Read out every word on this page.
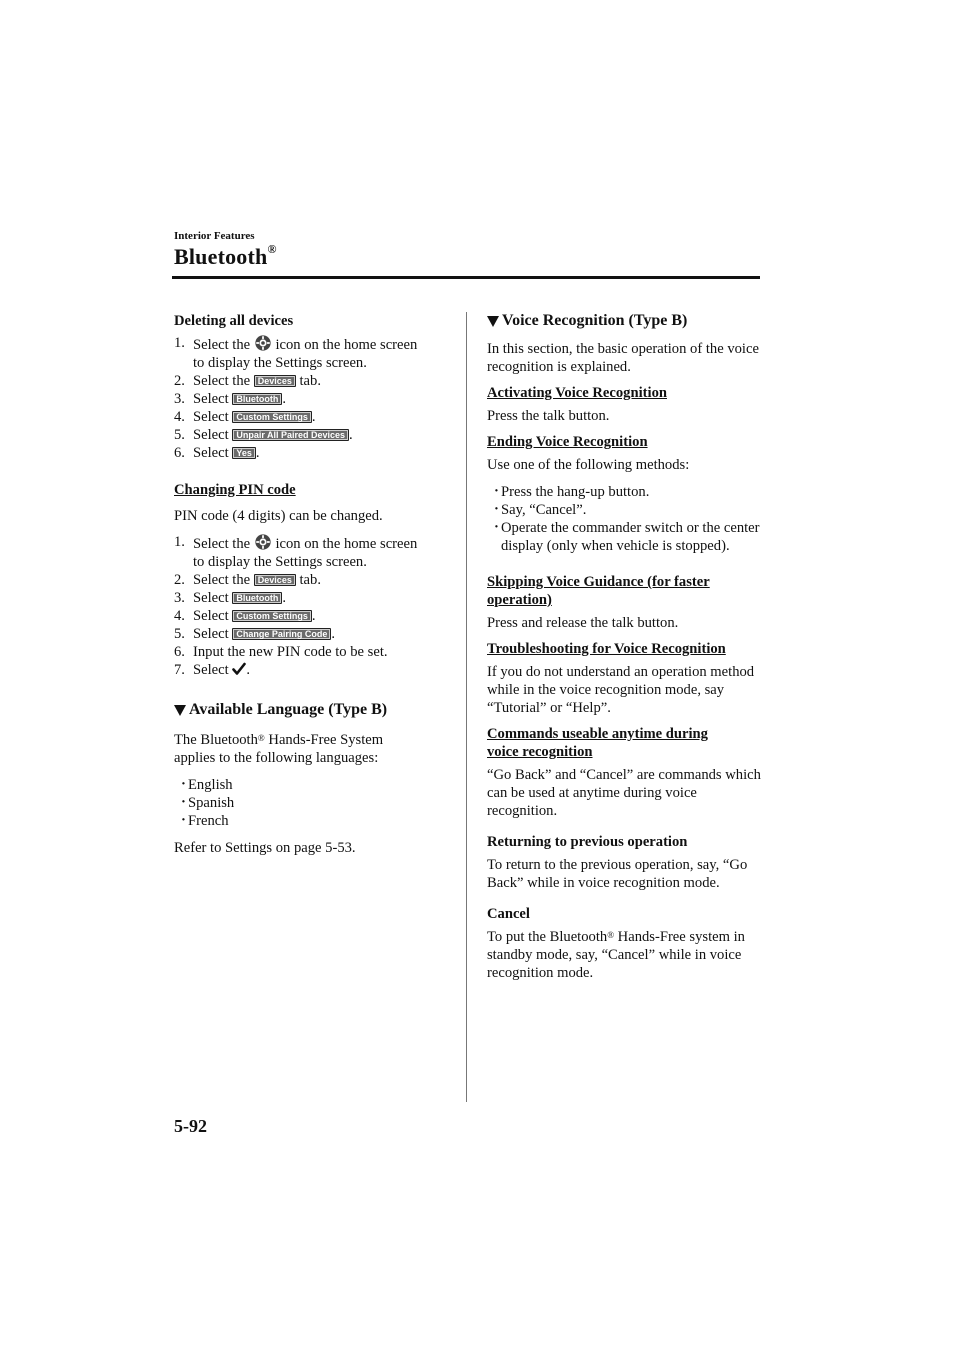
Interior Features
Bluetooth®

Deleting all devices

1. Select the icon on the home screen
to display the Settings screen.
2. Select the Devices tab.
3. Select Bluetooth .
4. Select Custom Settings .
5. Select Unpair All Paired Devices .
6. Select Yes .

Changing PIN code

PIN code (4 digits) can be changed.

1. Select the icon on the home screen
to display the Settings screen.
2. Select the Devices tab.
3. Select Bluetooth .
4. Select Custom Settings .
5. Select Change Pairing Code .
6. Input the new PIN code to be set.
7. Select .

Available Language (Type B)

The Bluetooth® Hands-Free System
applies to the following languages:

· English
· Spanish
· French

Refer to Settings on page 5-53.

Voice Recognition (Type B)

In this section, the basic operation of the voice recognition is explained.

Activating Voice Recognition

Press the talk button.

Ending Voice Recognition

Use one of the following methods:

· Press the hang-up button.
· Say, “Cancel”.
· Operate the commander switch or the center display (only when vehicle is stopped).

Skipping Voice Guidance (for faster
operation)

Press and release the talk button.

Troubleshooting for Voice Recognition

If you do not understand an operation method while in the voice recognition mode, say “Tutorial” or “Help”.

Commands useable anytime during
voice recognition

“Go Back” and “Cancel” are commands which can be used at anytime during voice recognition.

Returning to previous operation

To return to the previous operation, say, “Go Back” while in voice recognition mode.

Cancel

To put the Bluetooth® Hands-Free system in standby mode, say, “Cancel” while in voice recognition mode.

5-92
